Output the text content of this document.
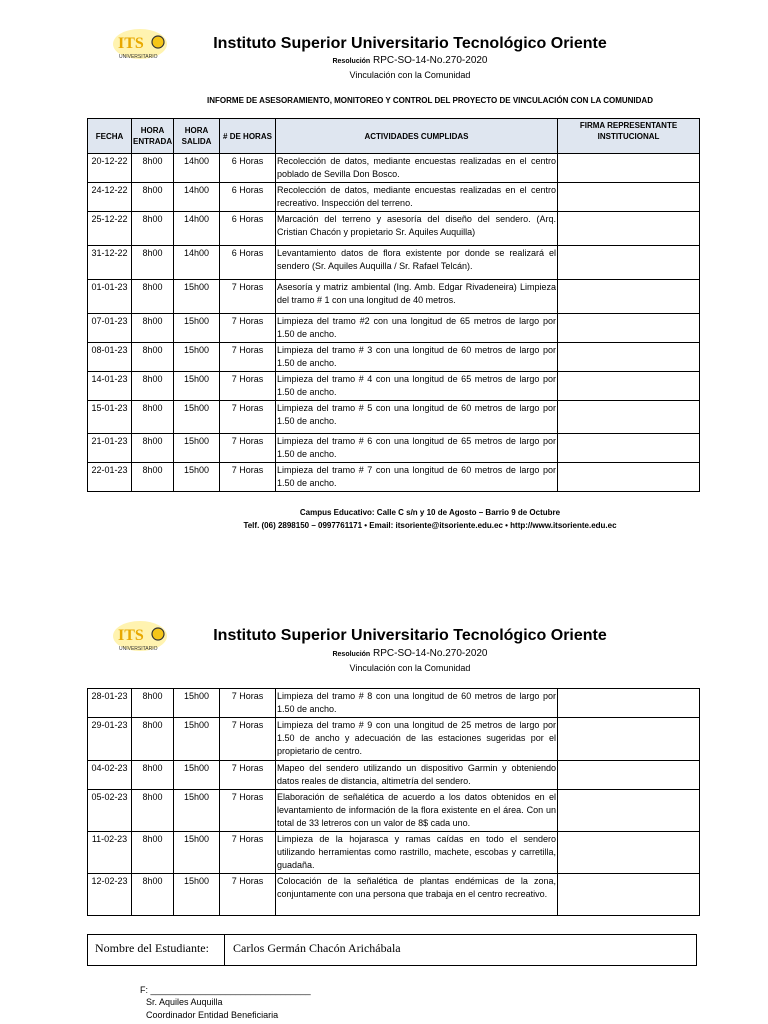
ITS
UNIVERSITARIO
Instituto Superior Universitario Tecnológico Oriente
Resolución RPC-SO-14-No.270-2020
Vinculación con la Comunidad
INFORME DE ASESORAMIENTO, MONITOREO Y CONTROL DEL PROYECTO DE VINCULACIÓN CON LA COMUNIDAD
FECHA	HORA ENTRADA	HORA SALIDA	# DE HORAS	ACTIVIDADES CUMPLIDAS	FIRMA REPRESENTANTE INSTITUCIONAL
20-12-22	8h00	14h00	6 Horas	Recolección de datos, mediante encuestas realizadas en el centro poblado de Sevilla Don Bosco.	
24-12-22	8h00	14h00	6 Horas	Recolección de datos, mediante encuestas realizadas en el centro recreativo. Inspección del terreno.	
25-12-22	8h00	14h00	6 Horas	Marcación del terreno y asesoría del diseño del sendero. (Arq. Cristian Chacón y propietario Sr. Aquiles Auquilla)	
31-12-22	8h00	14h00	6 Horas	Levantamiento datos de flora existente por donde se realizará el sendero (Sr. Aquiles Auquilla / Sr. Rafael Telcán).	
01-01-23	8h00	15h00	7 Horas	Asesoría y matriz ambiental (Ing. Amb. Edgar Rivadeneira) Limpieza del tramo # 1 con una longitud de 40 metros.	
07-01-23	8h00	15h00	7 Horas	Limpieza del tramo #2 con una longitud de 65 metros de largo por 1.50 de ancho.	
08-01-23	8h00	15h00	7 Horas	Limpieza del tramo # 3 con una longitud de 60 metros de largo por 1.50 de ancho.	
14-01-23	8h00	15h00	7 Horas	Limpieza del tramo # 4 con una longitud de 65 metros de largo por 1.50 de ancho.	
15-01-23	8h00	15h00	7 Horas	Limpieza del tramo # 5 con una longitud de 60 metros de largo por 1.50 de ancho.	
21-01-23	8h00	15h00	7 Horas	Limpieza del tramo # 6 con una longitud de 65 metros de largo por 1.50 de ancho.	
22-01-23	8h00	15h00	7 Horas	Limpieza del tramo # 7 con una longitud de 60 metros de largo por 1.50 de ancho.	
Campus Educativo: Calle C s/n y 10 de Agosto – Barrio 9 de Octubre
Telf. (06) 2898150 – 0997761171 • Email: itsoriente@itsoriente.edu.ec • http://www.itsoriente.edu.ec
ITS
UNIVERSITARIO
Instituto Superior Universitario Tecnológico Oriente
Resolución RPC-SO-14-No.270-2020
Vinculación con la Comunidad
28-01-23	8h00	15h00	7 Horas	Limpieza del tramo # 8 con una longitud de 60 metros de largo por 1.50 de ancho.	
29-01-23	8h00	15h00	7 Horas	Limpieza del tramo # 9 con una longitud de 25 metros de largo por 1.50 de ancho y adecuación de las estaciones sugeridas por el propietario de centro.	
04-02-23	8h00	15h00	7 Horas	Mapeo del sendero utilizando un dispositivo Garmin y obteniendo datos reales de distancia, altimetría del sendero.	
05-02-23	8h00	15h00	7 Horas	Elaboración de señalética de acuerdo a los datos obtenidos en el levantamiento de información de la flora existente en el área. Con un total de 33 letreros con un valor de 8$ cada uno.	
11-02-23	8h00	15h00	7 Horas	Limpieza de la hojarasca y ramas caídas en todo el sendero utilizando herramientas como rastrillo, machete, escobas y carretilla, guadaña.	
12-02-23	8h00	15h00	7 Horas	Colocación de la señalética de plantas endémicas de la zona, conjuntamente con una persona que trabaja en el centro recreativo.	
Nombre del Estudiante: Carlos Germán Chacón Arichábala
F: ________________________________
Sr. Aquiles Auquilla
Coordinador Entidad Beneficiaria
